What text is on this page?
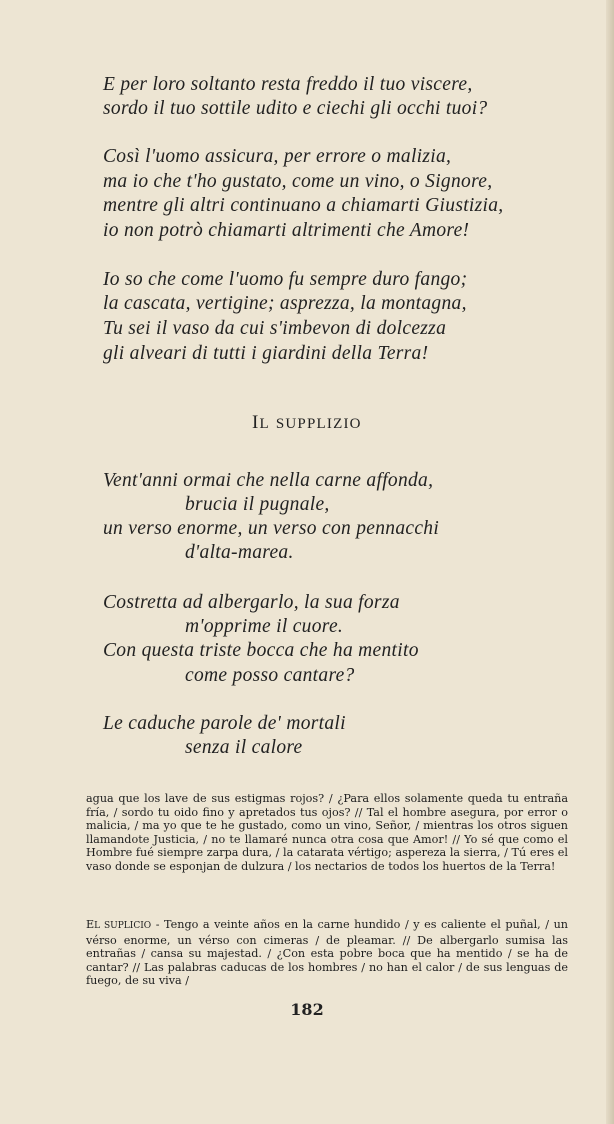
E per loro soltanto resta freddo il tuo viscere,
sordo il tuo sottile udito e ciechi gli occhi tuoi?
Così l'uomo assicura, per errore o malizia,
ma io che t'ho gustato, come un vino, o Signore,
mentre gli altri continuano a chiamarti Giustizia,
io non potrò chiamarti altrimenti che Amore!
Io so che come l'uomo fu sempre duro fango;
la cascata, vertigine; asprezza, la montagna,
Tu sei il vaso da cui s'imbevon di dolcezza
gli alveari di tutti i giardini della Terra!
IL SUPPLIZIO
Vent'anni ormai che nella carne affonda,
brucia il pugnale,
un verso enorme, un verso con pennacchi
d'alta-marea.
Costretta ad albergarlo, la sua forza
m'opprime il cuore.
Con questa triste bocca che ha mentito
come posso cantare?
Le caduche parole de' mortali
senza il calore
agua que los lave de sus estigmas rojos? / ¿Para ellos solamente queda tu entraña fría, / sordo tu oido fino y apretados tus ojos? // Tal el hombre asegura, por error o malicia, / ma yo que te he gustado, como un vino, Señor, / mientras los otros siguen llamandote Justicia, / no te llamaré nunca otra cosa que Amor! // Yo sé que como el Hombre fué siempre zarpa dura, / la catarata vértigo; aspereza la sierra, / Tú eres el vaso donde se esponjan de dulzura / los nectarios de todos los huertos de la Terra!
EL SUPLICIO - Tengo a veinte años en la carne hundido / y es caliente el puñal, / un vérso enorme, un vérso con cimeras / de pleamar. // De albergarlo sumisa las entrañas / cansa su majestad. / ¿Con esta pobre boca que ha mentido / se ha de cantar? // Las palabras caducas de los hombres / no han el calor / de sus lenguas de fuego, de su viva /
182
